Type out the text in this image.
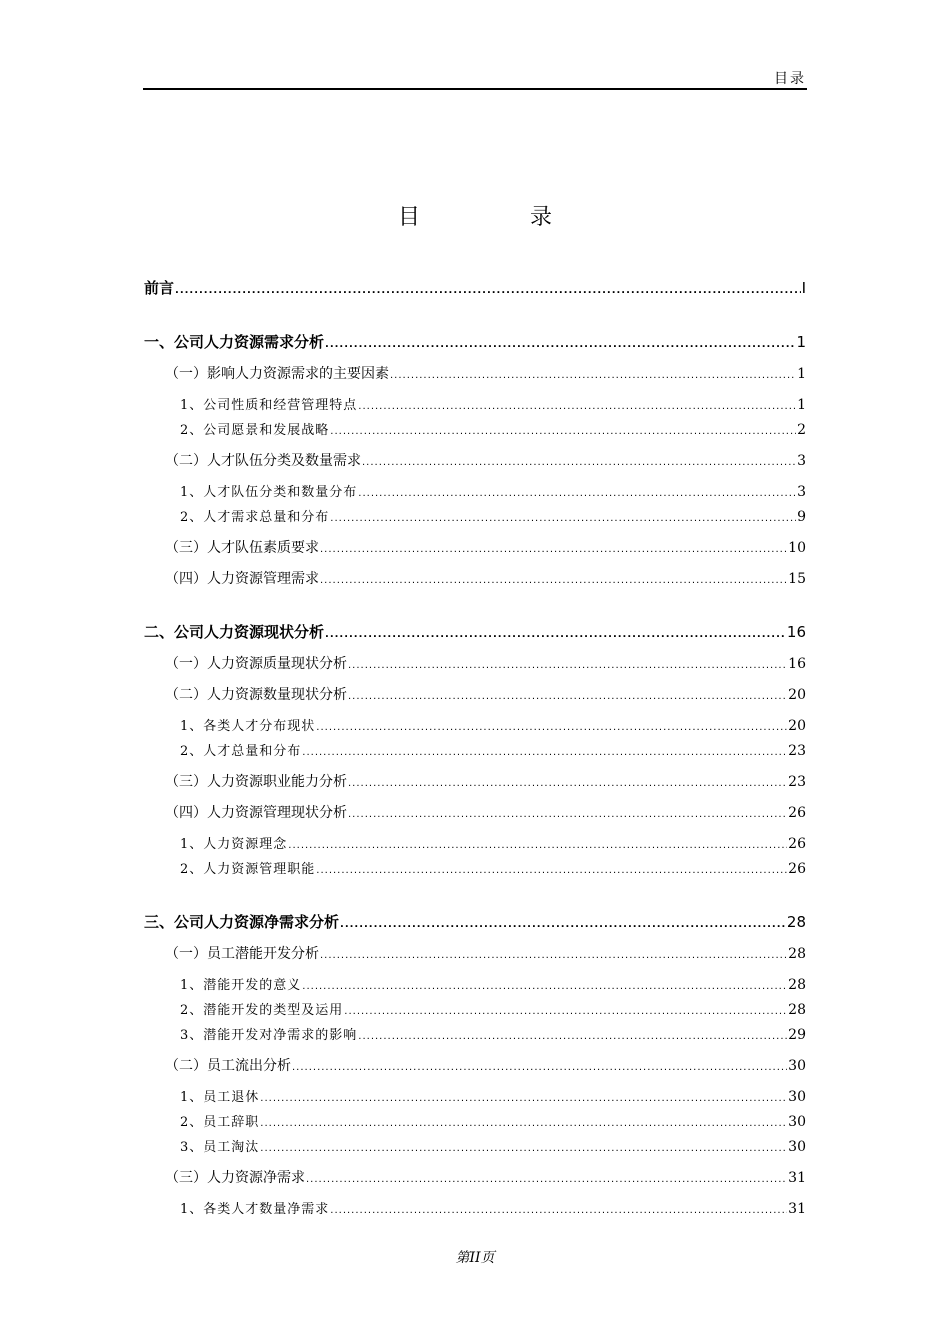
目录
目　录
前言 .....	I
一、公司人力资源需求分析 .....	1
（一）影响人力资源需求的主要因素 .....	1
1、公司性质和经营管理特点 .....	1
2、公司愿景和发展战略 .....	2
（二）人才队伍分类及数量需求 .....	3
1、人才队伍分类和数量分布 .....	3
2、人才需求总量和分布 .....	9
（三）人才队伍素质要求 .....	10
（四）人力资源管理需求 .....	15
二、公司人力资源现状分析 .....	16
（一）人力资源质量现状分析 .....	16
（二）人力资源数量现状分析 .....	20
1、各类人才分布现状 .....	20
2、人才总量和分布 .....	23
（三）人力资源职业能力分析 .....	23
（四）人力资源管理现状分析 .....	26
1、人力资源理念 .....	26
2、人力资源管理职能 .....	26
三、公司人力资源净需求分析 .....	28
（一）员工潜能开发分析 .....	28
1、潜能开发的意义 .....	28
2、潜能开发的类型及运用 .....	28
3、潜能开发对净需求的影响 .....	29
（二）员工流出分析 .....	30
1、员工退休 .....	30
2、员工辞职 .....	30
3、员工淘汰 .....	30
（三）人力资源净需求 .....	31
1、各类人才数量净需求 .....	31
第II页
